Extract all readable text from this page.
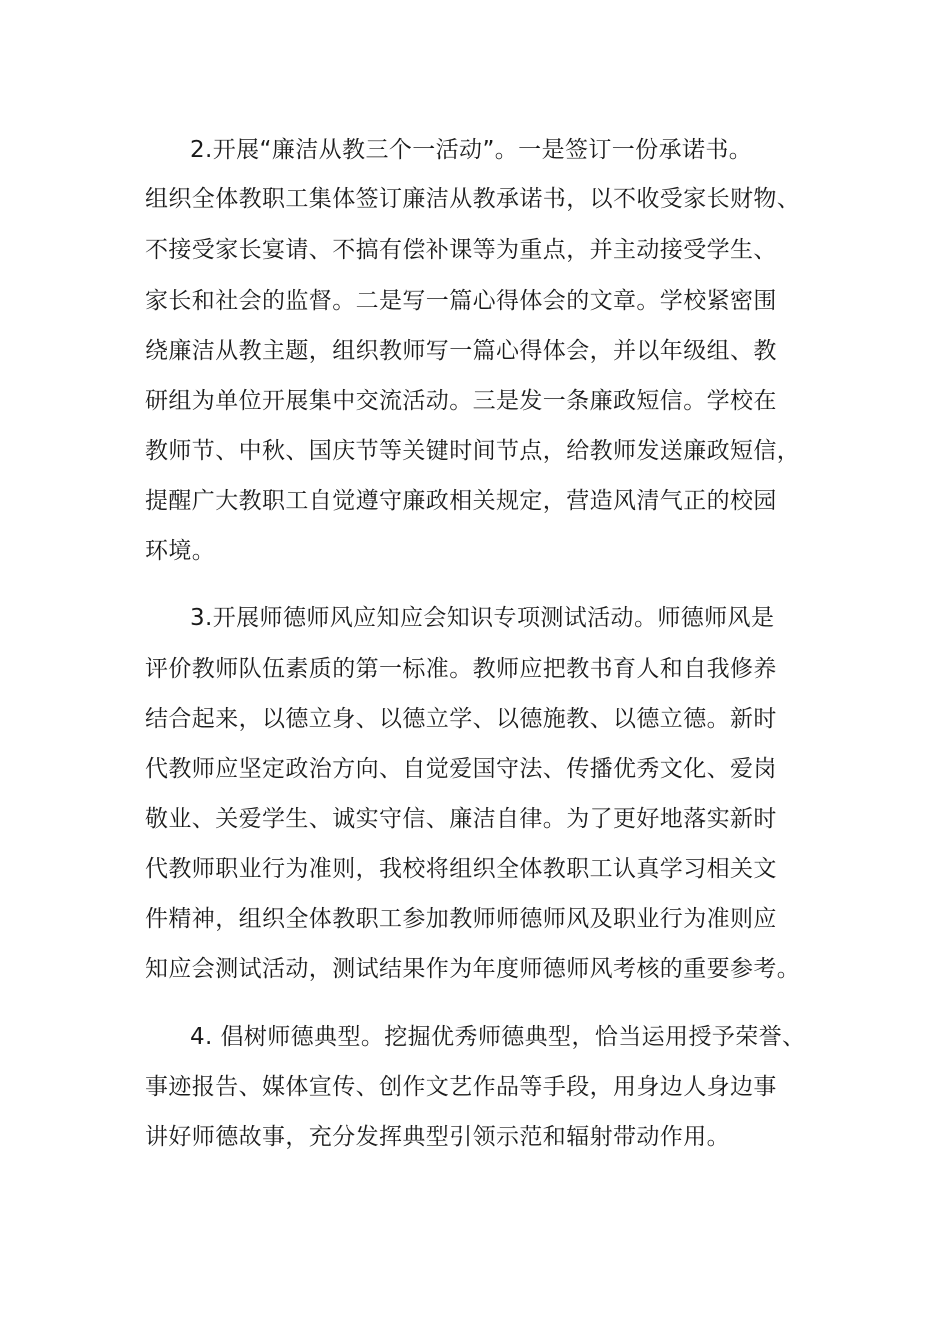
2.开展“廉洁从教三个一活动”。一是签订一份承诺书。
组织全体教职工集体签订廉洁从教承诺书，以不收受家长财物、
不接受家长宴请、不搞有偿补课等为重点，并主动接受学生、
家长和社会的监督。二是写一篇心得体会的文章。学校紧密围
绕廉洁从教主题，组织教师写一篇心得体会，并以年级组、教
研组为单位开展集中交流活动。三是发一条廉政短信。学校在
教师节、中秋、国庆节等关键时间节点，给教师发送廉政短信，
提醒广大教职工自觉遵守廉政相关规定，营造风清气正的校园
环境。
3.开展师德师风应知应会知识专项测试活动。师德师风是
评价教师队伍素质的第一标准。教师应把教书育人和自我修养
结合起来，以德立身、以德立学、以德施教、以德立德。新时
代教师应坚定政治方向、自觉爱国守法、传播优秀文化、爱岗
敬业、关爱学生、诚实守信、廉洁自律。为了更好地落实新时
代教师职业行为准则，我校将组织全体教职工认真学习相关文
件精神，组织全体教职工参加教师师德师风及职业行为准则应
知应会测试活动，测试结果作为年度师德师风考核的重要参考。
4. 倡树师德典型。挖掘优秀师德典型，恰当运用授予荣誉、
事迹报告、媒体宣传、创作文艺作品等手段，用身边人身边事
讲好师德故事，充分发挥典型引领示范和辐射带动作用。
